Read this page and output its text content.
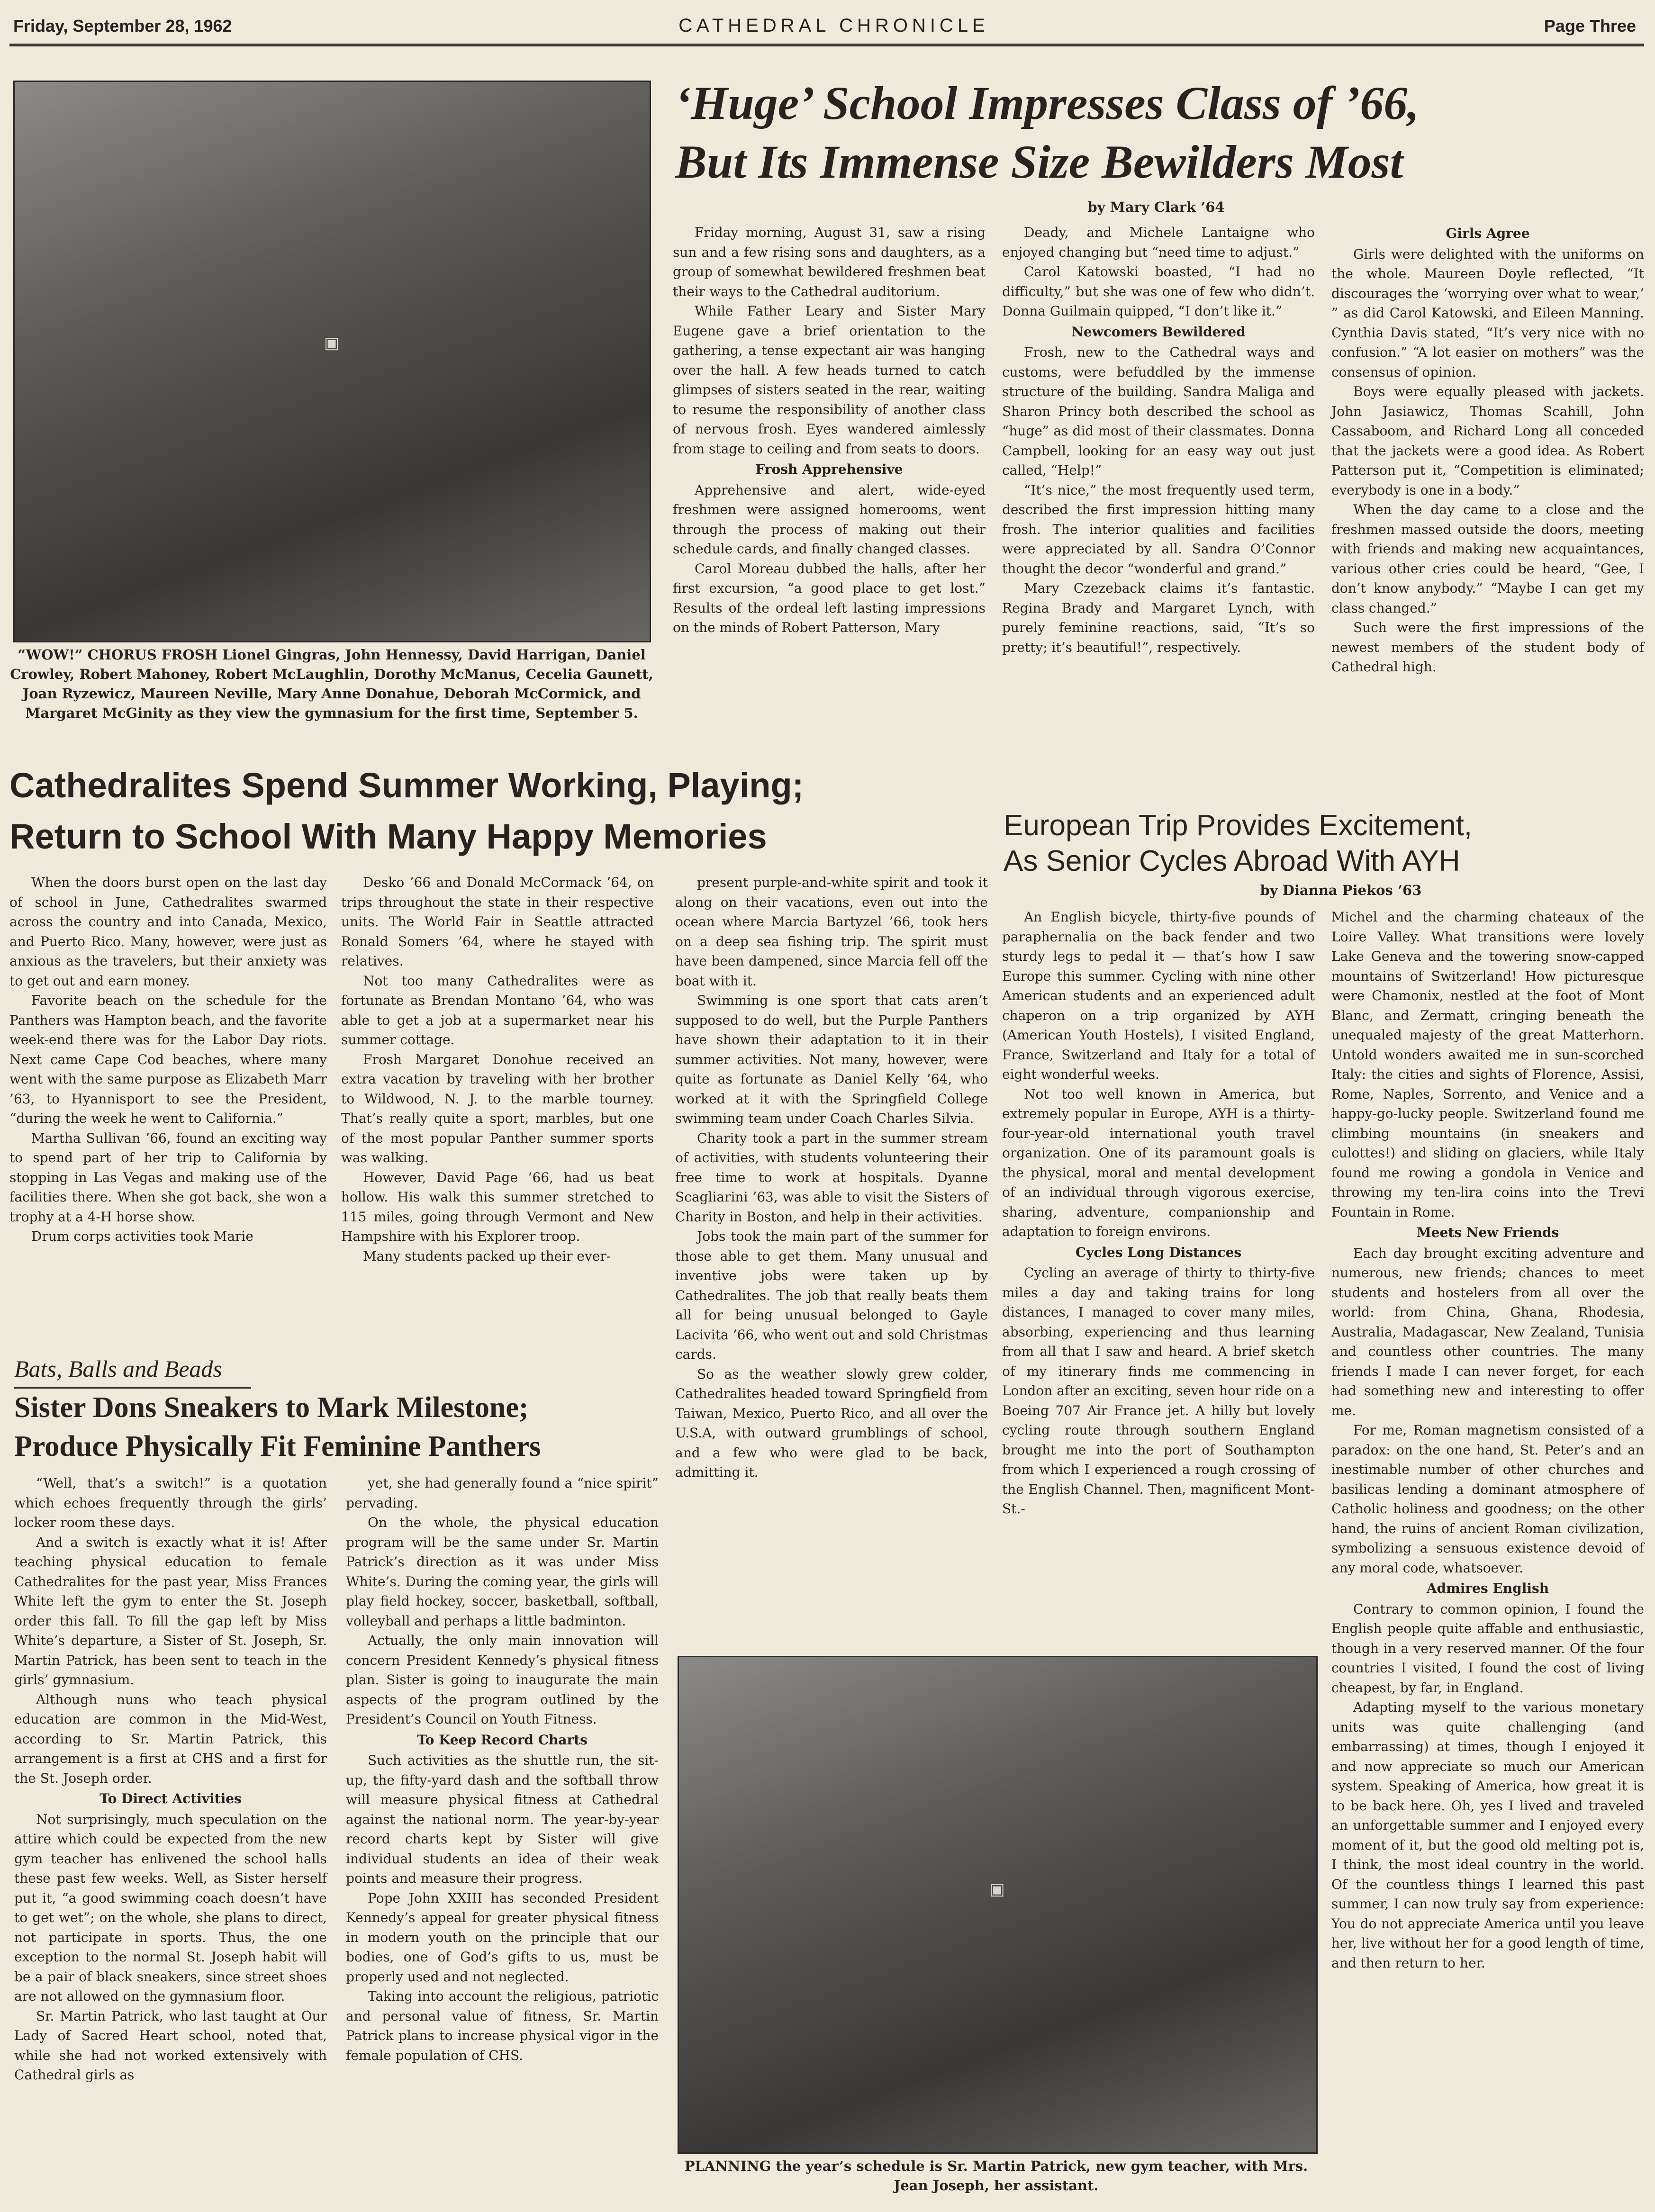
Friday, September 28, 1962	CATHEDRAL CHRONICLE	Page Three
▣
“WOW!” CHORUS FROSH Lionel Gingras, John Hennessy, David Harrigan, Daniel Crowley, Robert Mahoney, Robert McLaughlin, Dorothy McManus, Cecelia Gaunett, Joan Ryzewicz, Maureen Neville, Mary Anne Donahue, Deborah McCormick, and Margaret McGinity as they view the gymnasium for the first time, September 5.
‘Huge’ School Impresses Class of ’66,
But Its Immense Size Bewilders Most
by Mary Clark ’64

Friday morning, August 31, saw a rising sun and a few rising sons and daughters, as a group of somewhat bewildered freshmen beat their ways to the Cathedral auditorium.

While Father Leary and Sister Mary Eugene gave a brief orientation to the gathering, a tense expectant air was hanging over the hall. A few heads turned to catch glimpses of sisters seated in the rear, waiting to resume the responsibility of another class of nervous frosh. Eyes wandered aimlessly from stage to ceiling and from seats to doors.

Frosh Apprehensive

Apprehensive and alert, wide-eyed freshmen were assigned homerooms, went through the process of making out their schedule cards, and finally changed classes.

Carol Moreau dubbed the halls, after her first excursion, “a good place to get lost.” Results of the ordeal left lasting impressions on the minds of Robert Patterson, Mary

Deady, and Michele Lantaigne who enjoyed changing but “need time to adjust.”

Carol Katowski boasted, “I had no difficulty,” but she was one of few who didn’t. Donna Guilmain quipped, “I don’t like it.”

Newcomers Bewildered

Frosh, new to the Cathedral ways and customs, were befuddled by the immense structure of the building. Sandra Maliga and Sharon Princy both described the school as “huge” as did most of their classmates. Donna Campbell, looking for an easy way out just called, “Help!”

“It’s nice,” the most frequently used term, described the first impression hitting many frosh. The interior qualities and facilities were appreciated by all. Sandra O’Connor thought the decor “wonderful and grand.”

Mary Czezeback claims it’s fantastic. Regina Brady and Margaret Lynch, with purely feminine reactions, said, “It’s so pretty; it’s beautiful!”, respectively.

Girls Agree

Girls were delighted with the uniforms on the whole. Maureen Doyle reflected, “It discourages the ‘worrying over what to wear,’ ” as did Carol Katowski, and Eileen Manning. Cynthia Davis stated, “It’s very nice with no confusion.” “A lot easier on mothers” was the consensus of opinion.

Boys were equally pleased with jackets. John Jasiawicz, Thomas Scahill, John Cassaboom, and Richard Long all conceded that the jackets were a good idea. As Robert Patterson put it, “Competition is eliminated; everybody is one in a body.”

When the day came to a close and the freshmen massed outside the doors, meeting with friends and making new acquaintances, various other cries could be heard, “Gee, I don’t know anybody.” “Maybe I can get my class changed.”

Such were the first impressions of the newest members of the student body of Cathedral high.

Cathedralites Spend Summer Working, Playing;
Return to School With Many Happy Memories

When the doors burst open on the last day of school in June, Cathedralites swarmed across the country and into Canada, Mexico, and Puerto Rico. Many, however, were just as anxious as the travelers, but their anxiety was to get out and earn money.

Favorite beach on the schedule for the Panthers was Hampton beach, and the favorite week-end there was for the Labor Day riots. Next came Cape Cod beaches, where many went with the same purpose as Elizabeth Marr ’63, to Hyannisport to see the President, “during the week he went to California.”

Martha Sullivan ’66, found an exciting way to spend part of her trip to California by stopping in Las Vegas and making use of the facilities there. When she got back, she won a trophy at a 4-H horse show.

Drum corps activities took Marie

Desko ’66 and Donald McCormack ’64, on trips throughout the state in their respective units. The World Fair in Seattle attracted Ronald Somers ’64, where he stayed with relatives.

Not too many Cathedralites were as fortunate as Brendan Montano ’64, who was able to get a job at a supermarket near his summer cottage.

Frosh Margaret Donohue received an extra vacation by traveling with her brother to Wildwood, N. J. to the marble tourney. That’s really quite a sport, marbles, but one of the most popular Panther summer sports was walking.

However, David Page ’66, had us beat hollow. His walk this summer stretched to 115 miles, going through Vermont and New Hampshire with his Explorer troop.

Many students packed up their ever-

present purple-and-white spirit and took it along on their vacations, even out into the ocean where Marcia Bartyzel ’66, took hers on a deep sea fishing trip. The spirit must have been dampened, since Marcia fell off the boat with it.

Swimming is one sport that cats aren’t supposed to do well, but the Purple Panthers have shown their adaptation to it in their summer activities. Not many, however, were quite as fortunate as Daniel Kelly ’64, who worked at it with the Springfield College swimming team under Coach Charles Silvia.

Charity took a part in the summer stream of activities, with students volunteering their free time to work at hospitals. Dyanne Scagliarini ’63, was able to visit the Sisters of Charity in Boston, and help in their activities.

Jobs took the main part of the summer for those able to get them. Many unusual and inventive jobs were taken up by Cathedralites. The job that really beats them all for being unusual belonged to Gayle Lacivita ’66, who went out and sold Christmas cards.

So as the weather slowly grew colder, Cathedralites headed toward Springfield from Taiwan, Mexico, Puerto Rico, and all over the U.S.A, with outward grumblings of school, and a few who were glad to be back, admitting it.

Bats, Balls and Beads
Sister Dons Sneakers to Mark Milestone;
Produce Physically Fit Feminine Panthers

“Well, that’s a switch!” is a quotation which echoes frequently through the girls’ locker room these days.

And a switch is exactly what it is! After teaching physical education to female Cathedralites for the past year, Miss Frances White left the gym to enter the St. Joseph order this fall. To fill the gap left by Miss White’s departure, a Sister of St. Joseph, Sr. Martin Patrick, has been sent to teach in the girls’ gymnasium.

Although nuns who teach physical education are common in the Mid-West, according to Sr. Martin Patrick, this arrangement is a first at CHS and a first for the St. Joseph order.

To Direct Activities

Not surprisingly, much speculation on the attire which could be expected from the new gym teacher has enlivened the school halls these past few weeks. Well, as Sister herself put it, “a good swimming coach doesn’t have to get wet”; on the whole, she plans to direct, not participate in sports. Thus, the one exception to the normal St. Joseph habit will be a pair of black sneakers, since street shoes are not allowed on the gymnasium floor.

Sr. Martin Patrick, who last taught at Our Lady of Sacred Heart school, noted that, while she had not worked extensively with Cathedral girls as

yet, she had generally found a “nice spirit” pervading.

On the whole, the physical education program will be the same under Sr. Martin Patrick’s direction as it was under Miss White’s. During the coming year, the girls will play field hockey, soccer, basketball, softball, volleyball and perhaps a little badminton.

Actually, the only main innovation will concern President Kennedy’s physical fitness plan. Sister is going to inaugurate the main aspects of the program outlined by the President’s Council on Youth Fitness.

To Keep Record Charts

Such activities as the shuttle run, the sit-up, the fifty-yard dash and the softball throw will measure physical fitness at Cathedral against the national norm. The year-by-year record charts kept by Sister will give individual students an idea of their weak points and measure their progress.

Pope John XXIII has seconded President Kennedy’s appeal for greater physical fitness in modern youth on the principle that our bodies, one of God’s gifts to us, must be properly used and not neglected.

Taking into account the religious, patriotic and personal value of fitness, Sr. Martin Patrick plans to increase physical vigor in the female population of CHS.

▣
PLANNING the year’s schedule is Sr. Martin Patrick, new gym teacher, with Mrs. Jean Joseph, her assistant.
European Trip Provides Excitement,
As Senior Cycles Abroad With AYH
by Dianna Piekos ’63

An English bicycle, thirty-five pounds of paraphernalia on the back fender and two sturdy legs to pedal it — that’s how I saw Europe this summer. Cycling with nine other American students and an experienced adult chaperon on a trip organized by AYH (American Youth Hostels), I visited England, France, Switzerland and Italy for a total of eight wonderful weeks.

Not too well known in America, but extremely popular in Europe, AYH is a thirty-four-year-old international youth travel organization. One of its paramount goals is the physical, moral and mental development of an individual through vigorous exercise, sharing, adventure, companionship and adaptation to foreign environs.

Cycles Long Distances

Cycling an average of thirty to thirty-five miles a day and taking trains for long distances, I managed to cover many miles, absorbing, experiencing and thus learning from all that I saw and heard. A brief sketch of my itinerary finds me commencing in London after an exciting, seven hour ride on a Boeing 707 Air France jet. A hilly but lovely cycling route through southern England brought me into the port of Southampton from which I experienced a rough crossing of the English Channel. Then, magnificent Mont-St.-

Michel and the charming chateaux of the Loire Valley. What transitions were lovely Lake Geneva and the towering snow-capped mountains of Switzerland! How picturesque were Chamonix, nestled at the foot of Mont Blanc, and Zermatt, cringing beneath the unequaled majesty of the great Matterhorn. Untold wonders awaited me in sun-scorched Italy: the cities and sights of Florence, Assisi, Rome, Naples, Sorrento, and Venice and a happy-go-lucky people. Switzerland found me climbing mountains (in sneakers and culottes!) and sliding on glaciers, while Italy found me rowing a gondola in Venice and throwing my ten-lira coins into the Trevi Fountain in Rome.

Meets New Friends

Each day brought exciting adventure and numerous, new friends; chances to meet students and hostelers from all over the world: from China, Ghana, Rhodesia, Australia, Madagascar, New Zealand, Tunisia and countless other countries. The many friends I made I can never forget, for each had something new and interesting to offer me.

For me, Roman magnetism consisted of a paradox: on the one hand, St. Peter’s and an inestimable number of other churches and basilicas lending a dominant atmosphere of Catholic holiness and goodness; on the other hand, the ruins of ancient Roman civilization, symbolizing a sensuous existence devoid of any moral code, whatsoever.

Admires English

Contrary to common opinion, I found the English people quite affable and enthusiastic, though in a very reserved manner. Of the four countries I visited, I found the cost of living cheapest, by far, in England.

Adapting myself to the various monetary units was quite challenging (and embarrassing) at times, though I enjoyed it and now appreciate so much our American system. Speaking of America, how great it is to be back here. Oh, yes I lived and traveled an unforgettable summer and I enjoyed every moment of it, but the good old melting pot is, I think, the most ideal country in the world. Of the countless things I learned this past summer, I can now truly say from experience: You do not appreciate America until you leave her, live without her for a good length of time, and then return to her.
